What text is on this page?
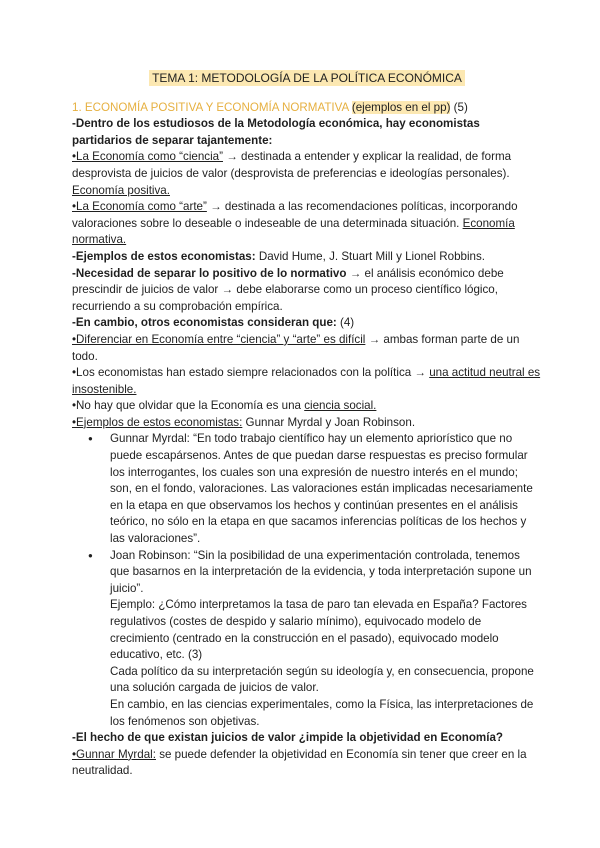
TEMA 1: METODOLOGÍA DE LA POLÍTICA ECONÓMICA

1. ECONOMÍA POSITIVA Y ECONOMÍA NORMATIVA (ejemplos en el pp) (5)

-Dentro de los estudiosos de la Metodología económica, hay economistas partidarios de separar tajantemente:

•La Economía como “ciencia” → destinada a entender y explicar la realidad, de forma desprovista de juicios de valor (desprovista de preferencias e ideologías personales). Economía positiva.

•La Economía como “arte” → destinada a las recomendaciones políticas, incorporando valoraciones sobre lo deseable o indeseable de una determinada situación. Economía normativa.

-Ejemplos de estos economistas: David Hume, J. Stuart Mill y Lionel Robbins.

-Necesidad de separar lo positivo de lo normativo → el análisis económico debe prescindir de juicios de valor → debe elaborarse como un proceso científico lógico, recurriendo a su comprobación empírica.

-En cambio, otros economistas consideran que: (4)

•Diferenciar en Economía entre “ciencia” y “arte” es difícil → ambas forman parte de un todo.

•Los economistas han estado siempre relacionados con la política → una actitud neutral es insostenible.

•No hay que olvidar que la Economía es una ciencia social.

•Ejemplos de estos economistas: Gunnar Myrdal y Joan Robinson.

● Gunnar Myrdal: “En todo trabajo científico hay un elemento apriorístico que no puede escapársenos. Antes de que puedan darse respuestas es preciso formular los interrogantes, los cuales son una expresión de nuestro interés en el mundo; son, en el fondo, valoraciones. Las valoraciones están implicadas necesariamente en la etapa en que observamos los hechos y continúan presentes en el análisis teórico, no sólo en la etapa en que sacamos inferencias políticas de los hechos y las valoraciones”.

● Joan Robinson: “Sin la posibilidad de una experimentación controlada, tenemos que basarnos en la interpretación de la evidencia, y toda interpretación supone un juicio”.

Ejemplo: ¿Cómo interpretamos la tasa de paro tan elevada en España? Factores regulativos (costes de despido y salario mínimo), equivocado modelo de crecimiento (centrado en la construcción en el pasado), equivocado modelo educativo, etc. (3)

Cada político da su interpretación según su ideología y, en consecuencia, propone una solución cargada de juicios de valor.

En cambio, en las ciencias experimentales, como la Física, las interpretaciones de los fenómenos son objetivas.

-El hecho de que existan juicios de valor ¿impide la objetividad en Economía?

•Gunnar Myrdal: se puede defender la objetividad en Economía sin tener que creer en la neutralidad.
